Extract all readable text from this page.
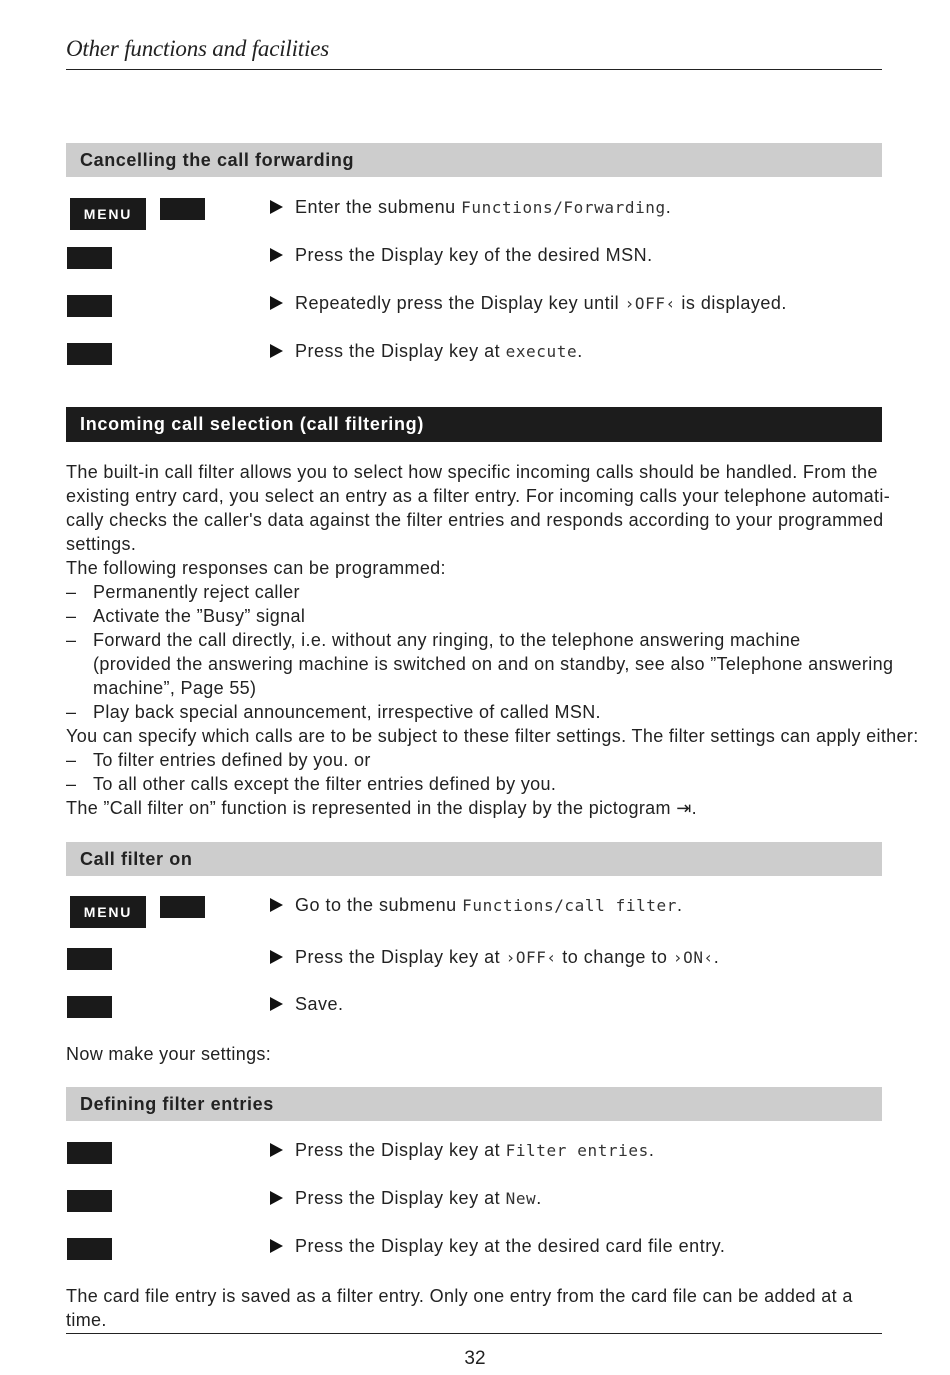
Other functions and facilities
Cancelling the call forwarding
MENU	Enter the submenu Functions/Forwarding.
Press the Display key of the desired MSN.
Repeatedly press the Display key until ›OFF‹ is displayed.
Press the Display key at execute.
Incoming call selection (call filtering)
The built-in call filter allows you to select how specific incoming calls should be handled. From the
existing entry card, you select an entry as a filter entry. For incoming calls your telephone automati-
cally checks the caller's data against the filter entries and responds according to your programmed
settings.
The following responses can be programmed:
– Permanently reject caller
– Activate the ”Busy” signal
– Forward the call directly, i.e. without any ringing, to the telephone answering machine
(provided the answering machine is switched on and on standby, see also ”Telephone answering
machine”, Page 55)
– Play back special announcement, irrespective of called MSN.
You can specify which calls are to be subject to these filter settings. The filter settings can apply either:
– To filter entries defined by you. or
– To all other calls except the filter entries defined by you.
The ”Call filter on” function is represented in the display by the pictogram ⇥.
Call filter on
MENU	Go to the submenu Functions/call filter.
Press the Display key at ›OFF‹ to change to ›ON‹.
Save.
Now make your settings:
Defining filter entries
Press the Display key at Filter entries.
Press the Display key at New.
Press the Display key at the desired card file entry.
The card file entry is saved as a filter entry. Only one entry from the card file can be added at a time.
32
